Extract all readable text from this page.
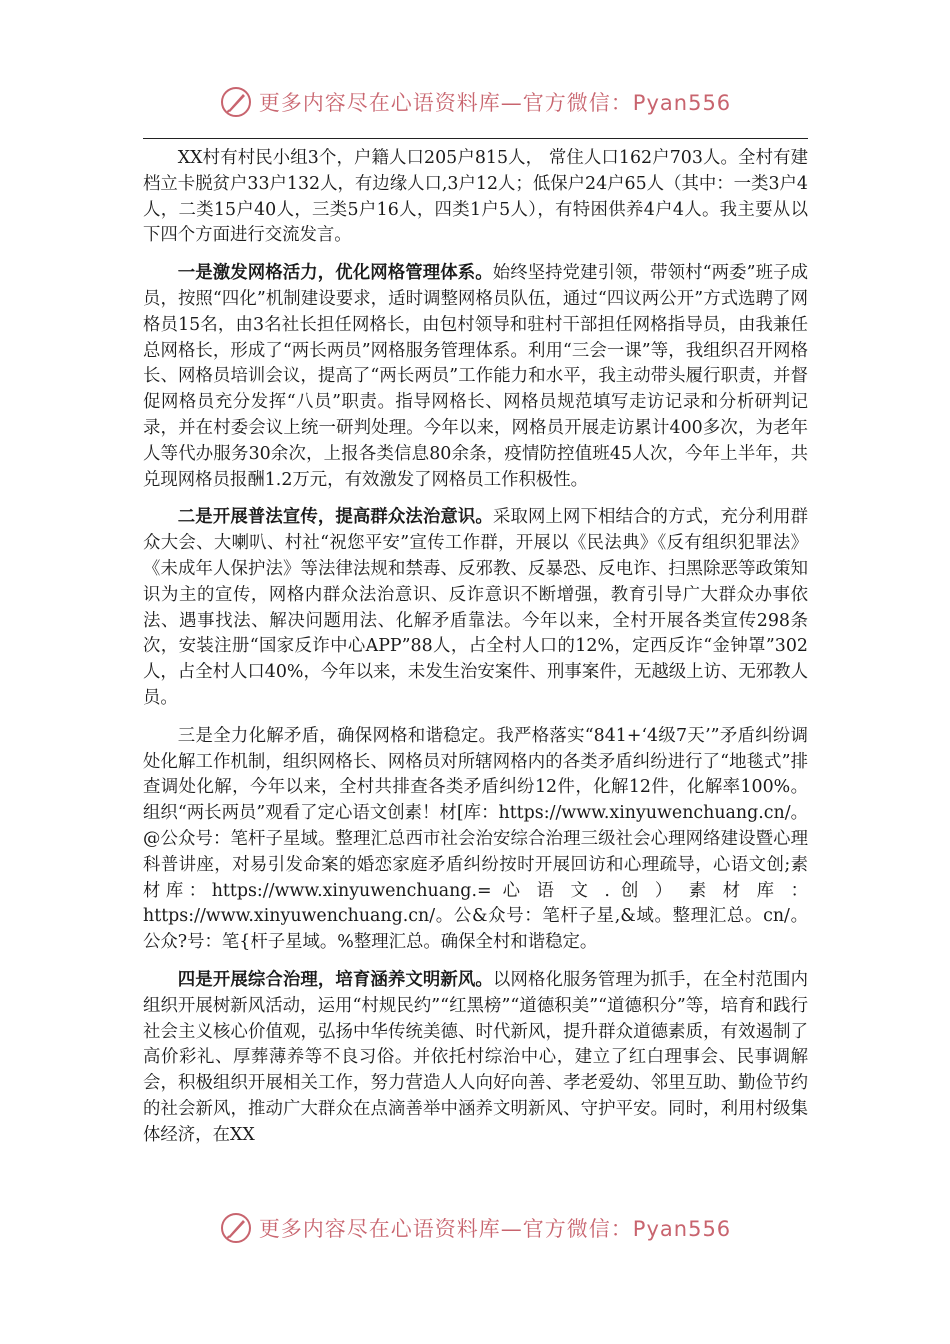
更多内容尽在心语资料库—官方微信：Pyan556

XX村有村民小组3个，户籍人口205户815人， 常住人口162户703人。全村有建档立卡脱贫户33户132人，有边缘人口,3户12人；低保户24户65人（其中：一类3户4人，二类15户40人，三类5户16人，四类1户5人），有特困供养4户4人。我主要从以下四个方面进行交流发言。

一是激发网格活力，优化网格管理体系。始终坚持党建引领，带领村“两委”班子成员，按照“四化”机制建设要求，适时调整网格员队伍，通过“四议两公开”方式选聘了网格员15名，由3名社长担任网格长，由包村领导和驻村干部担任网格指导员，由我兼任总网格长，形成了“两长两员”网格服务管理体系。利用“三会一课”等，我组织召开网格长、网格员培训会议，提高了“两长两员”工作能力和水平，我主动带头履行职责，并督促网格员充分发挥“八员”职责。指导网格长、网格员规范填写走访记录和分析研判记录，并在村委会议上统一研判处理。今年以来，网格员开展走访累计400多次，为老年人等代办服务30余次，上报各类信息80余条，疫情防控值班45人次，今年上半年，共兑现网格员报酬1.2万元，有效激发了网格员工作积极性。

二是开展普法宣传，提高群众法治意识。采取网上网下相结合的方式，充分利用群众大会、大喇叭、村社“祝您平安”宣传工作群，开展以《民法典》《反有组织犯罪法》《未成年人保护法》等法律法规和禁毒、反邪教、反暴恐、反电诈、扫黑除恶等政策知识为主的宣传，网格内群众法治意识、反诈意识不断增强，教育引导广大群众办事依法、遇事找法、解决问题用法、化解矛盾靠法。今年以来，全村开展各类宣传298条次，安装注册“国家反诈中心APP”88人，占全村人口的12%，定西反诈“金钟罩”302人，占全村人口40%，今年以来，未发生治安案件、刑事案件，无越级上访、无邪教人员。

三是全力化解矛盾，确保网格和谐稳定。我严格落实“841+‘4级7天’”矛盾纠纷调处化解工作机制，组织网格长、网格员对所辖网格内的各类矛盾纠纷进行了“地毯式”排查调处化解，今年以来，全村共排查各类矛盾纠纷12件，化解12件，化解率100%。组织“两长两员”观看了定心语文创素！材[库：https://www.xinyuwenchuang.cn/。@公众号：笔杆子星域。整理汇总西市社会治安综合治理三级社会心理网络建设暨心理科普讲座，对易引发命案的婚恋家庭矛盾纠纷按时开展回访和心理疏导，心语文创;素材库：https://www.xinyuwenchuang.= 心 语 文 . 创 ） 素 材 库 ： https://www.xinyuwenchuang.cn/。公&众号：笔杆子星,&域。整理汇总。cn/。公众?号：笔{杆子星域。%整理汇总。确保全村和谐稳定。

四是开展综合治理，培育涵养文明新风。以网格化服务管理为抓手，在全村范围内组织开展树新风活动，运用“村规民约”“红黑榜”“道德积美”“道德积分”等，培育和践行社会主义核心价值观，弘扬中华传统美德、时代新风，提升群众道德素质，有效遏制了高价彩礼、厚葬薄养等不良习俗。并依托村综治中心，建立了红白理事会、民事调解会，积极组织开展相关工作，努力营造人人向好向善、孝老爱幼、邻里互助、勤俭节约的社会新风，推动广大群众在点滴善举中涵养文明新风、守护平安。同时，利用村级集体经济，在XX

更多内容尽在心语资料库—官方微信：Pyan556
